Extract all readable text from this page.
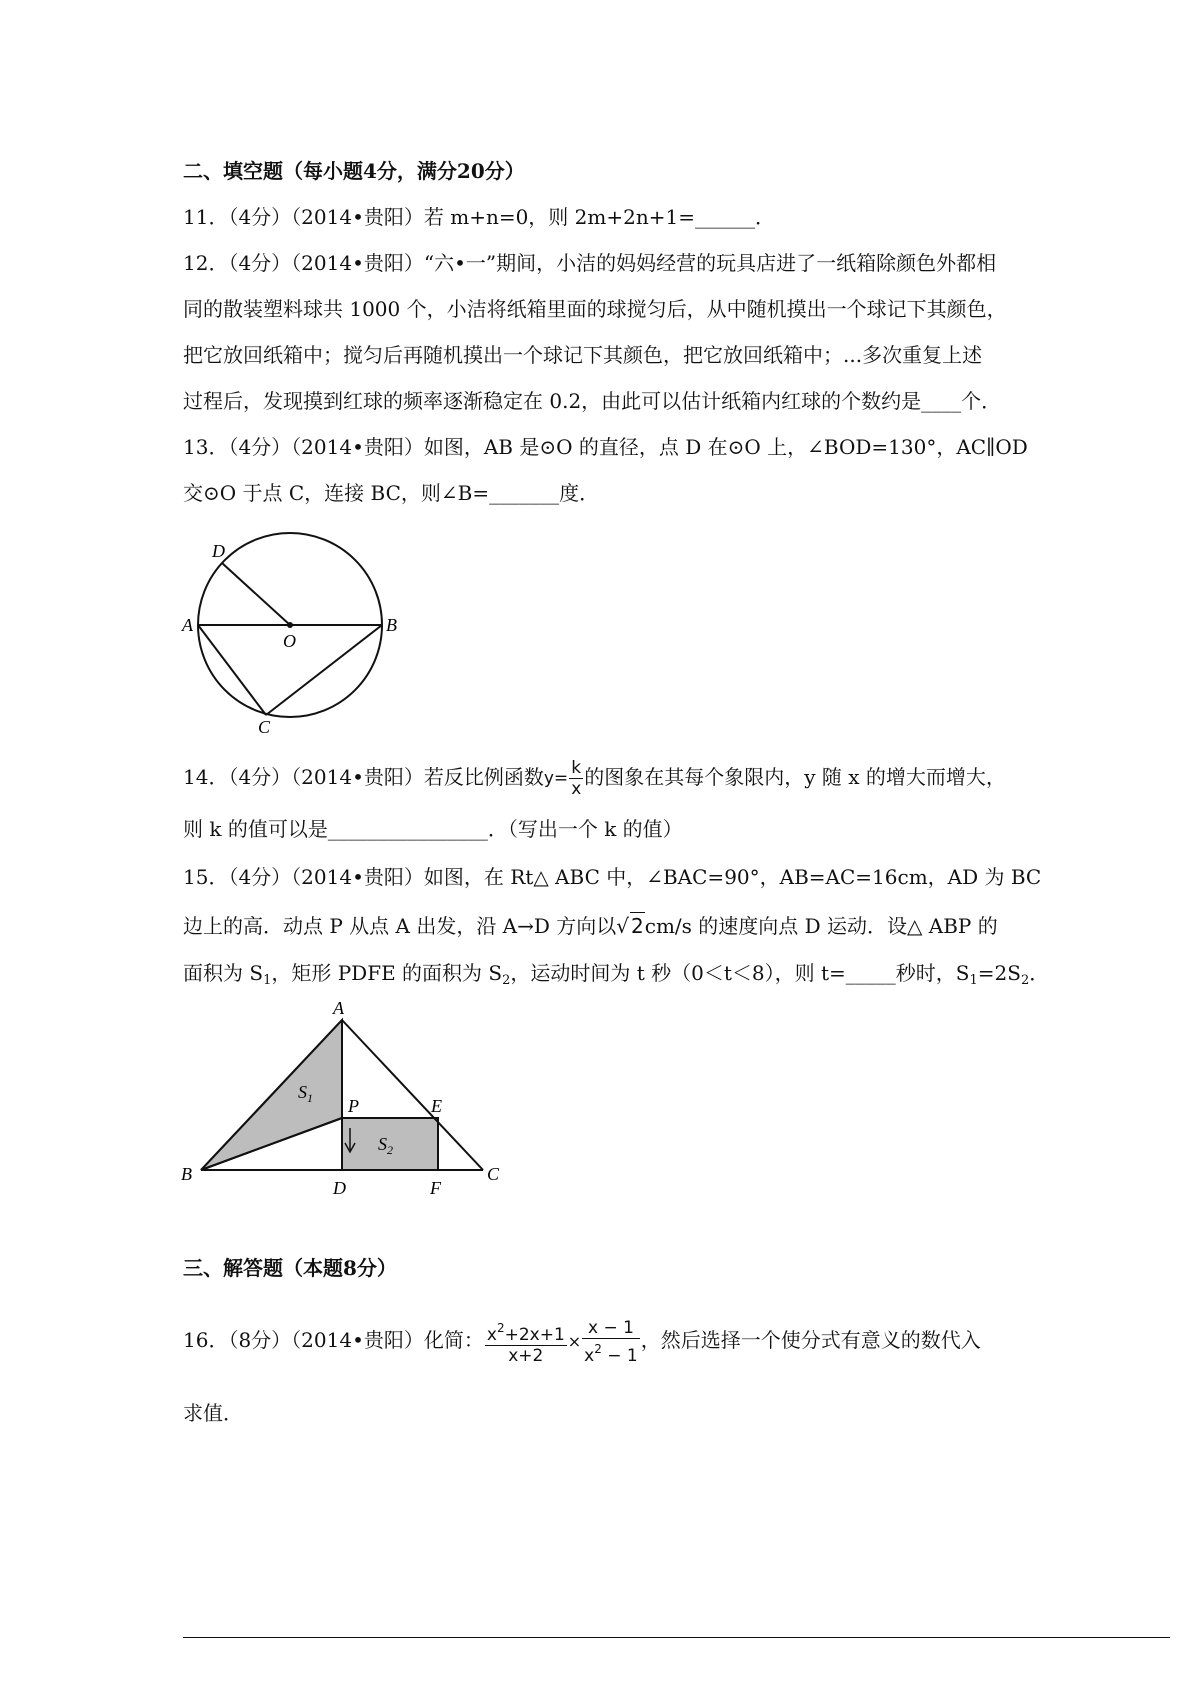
二、填空题（每小题4分，满分20分）
11．（4分）（2014•贵阳）若 m+n=0，则 2m+2n+1=______．
12．（4分）（2014•贵阳）“六•一”期间，小洁的妈妈经营的玩具店进了一纸箱除颜色外都相
同的散装塑料球共 1000 个，小洁将纸箱里面的球搅匀后，从中随机摸出一个球记下其颜色，
把它放回纸箱中；搅匀后再随机摸出一个球记下其颜色，把它放回纸箱中；...多次重复上述
过程后，发现摸到红球的频率逐渐稳定在 0.2，由此可以估计纸箱内红球的个数约是____个．
13．（4分）（2014•贵阳）如图，AB 是⊙O 的直径，点 D 在⊙O 上，∠BOD=130°，AC∥OD
交⊙O 于点 C，连接 BC，则∠B=_______度．
D
A
O
B
C
14．（4分）（2014•贵阳）若反比例函数$y= \frac{k}{x}$ 的图象在其每个象限内，y 随 x 的增大而增大，
则 k 的值可以是________________．（写出一个 k 的值）
15．（4分）（2014•贵阳）如图，在 Rt△ ABC 中，∠BAC=90°，AB=AC=16cm，AD 为 BC
边上的高．动点 P 从点 A 出发，沿 A→D 方向以√ 2cm/s 的速度向点 D 运动．设△ ABP 的
面积为 $S_1$，矩形 PDFE 的面积为 $S_2$，运动时间为 t 秒（0＜t＜8），则 t=_____秒时，$S_1=2S_2$．
A
B	C
D	F
E
P
$S_1$
$S_2$
三、解答题（本题8分）
16．（8分）（2014•贵阳）化简： $\frac{x^2+2x+1}{x+2} \times \frac{x - 1}{x^2 - 1}$ ，然后选择一个使分式有意义的数代入
求值．
